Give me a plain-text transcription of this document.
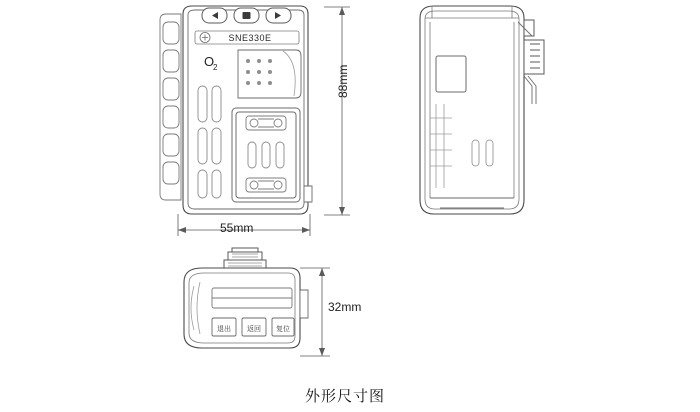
SNE330E
O
2	88mm
55mm
退出 返回 复位
32mm
外形尺寸图
